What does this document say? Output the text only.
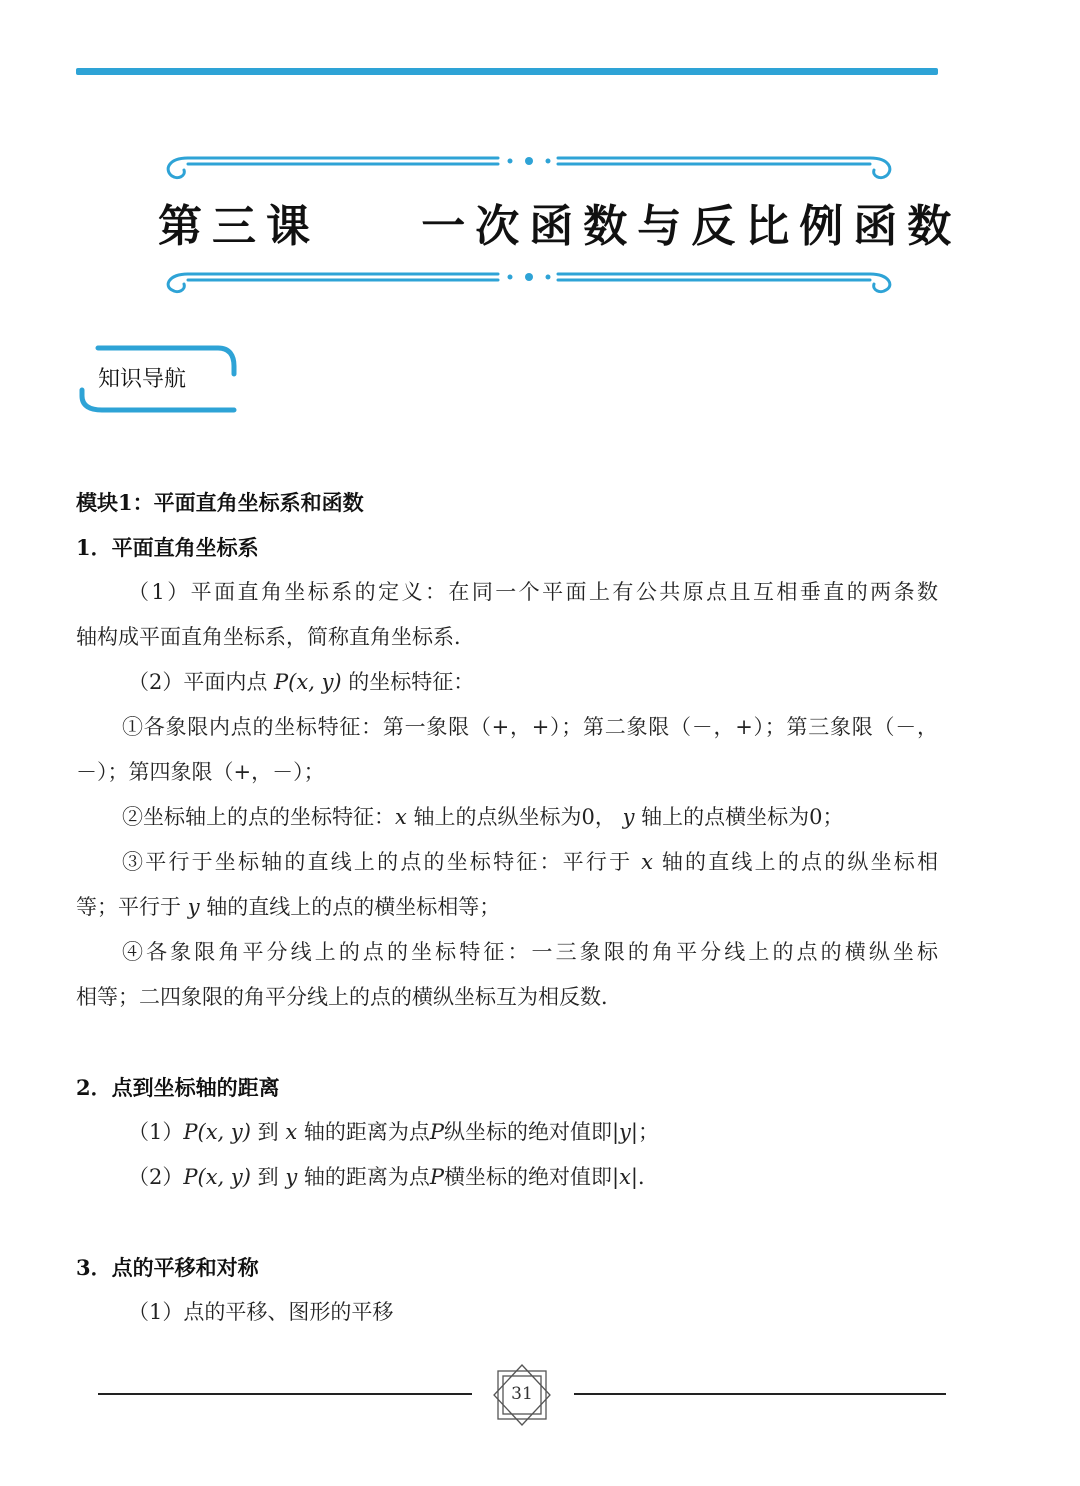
第三课    一次函数与反比例函数
知识导航
模块1：平面直角坐标系和函数
1．平面直角坐标系
（1）平面直角坐标系的定义：在同一个平面上有公共原点且互相垂直的两条数
轴构成平面直角坐标系，简称直角坐标系．
（2）平面内点 P(x, y) 的坐标特征：
①各象限内点的坐标特征：第一象限（+，+）；第二象限（－，+）；第三象限（－，
－）；第四象限（+，－）；
②坐标轴上的点的坐标特征：x 轴上的点纵坐标为0， y 轴上的点横坐标为0；
③平行于坐标轴的直线上的点的坐标特征：平行于 x 轴的直线上的点的纵坐标相
等；平行于 y 轴的直线上的点的横坐标相等；
④各象限角平分线上的点的坐标特征：一三象限的角平分线上的点的横纵坐标
相等；二四象限的角平分线上的点的横纵坐标互为相反数．
2．点到坐标轴的距离
（1）P(x, y) 到 x 轴的距离为点P纵坐标的绝对值即|y|；
（2）P(x, y) 到 y 轴的距离为点P横坐标的绝对值即|x|．
3．点的平移和对称
（1）点的平移、图形的平移
31
